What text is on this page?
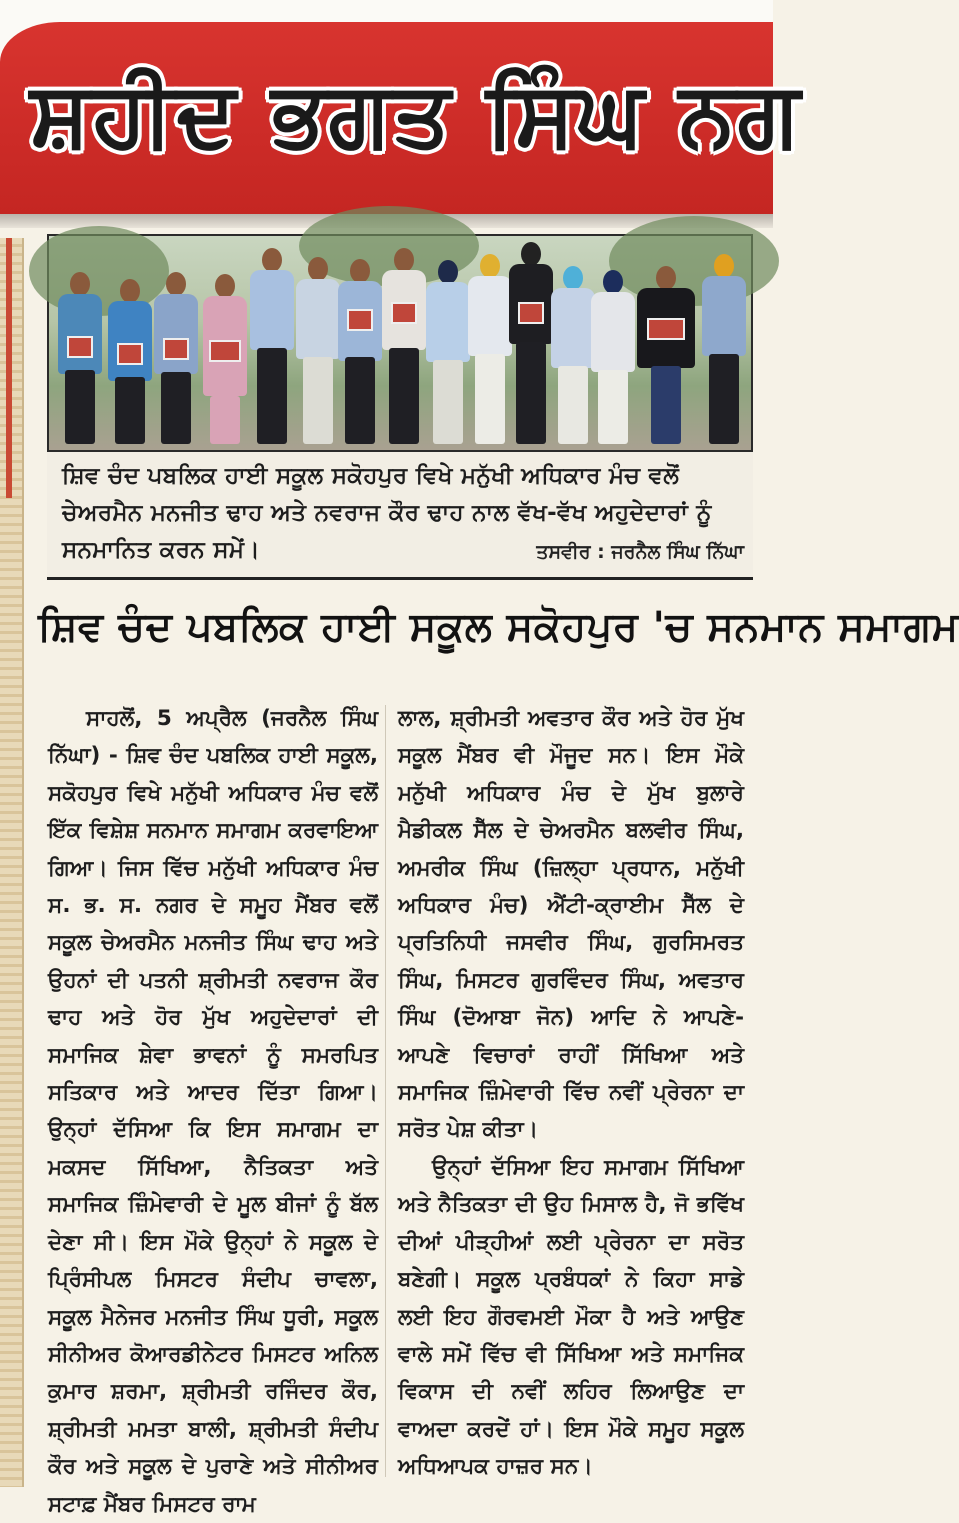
ਸ਼ਹੀਦ ਭਗਤ ਸਿੰਘ ਨਗ
ਸ਼ਿਵ ਚੰਦ ਪਬਲਿਕ ਹਾਈ ਸਕੂਲ ਸਕੋਹਪੁਰ ਵਿਖੇ ਮਨੁੱਖੀ ਅਧਿਕਾਰ ਮੰਚ ਵਲੋਂ ਚੇਅਰਮੈਨ ਮਨਜੀਤ ਢਾਹ ਅਤੇ ਨਵਰਾਜ ਕੌਰ ਢਾਹ ਨਾਲ ਵੱਖ-ਵੱਖ ਅਹੁਦੇਦਾਰਾਂ ਨੂੰ ਸਨਮਾਨਿਤ ਕਰਨ ਸਮੇਂ।	ਤਸਵੀਰ : ਜਰਨੈਲ ਸਿੰਘ ਨਿੱਘਾ
ਸ਼ਿਵ ਚੰਦ ਪਬਲਿਕ ਹਾਈ ਸਕੂਲ ਸਕੋਹਪੁਰ 'ਚ ਸਨਮਾਨ ਸਮਾਗਮ

ਸਾਹਲੋਂ, 5 ਅਪ੍ਰੈਲ (ਜਰਨੈਲ ਸਿੰਘ ਨਿੱਘਾ) - ਸ਼ਿਵ ਚੰਦ ਪਬਲਿਕ ਹਾਈ ਸਕੂਲ, ਸਕੋਹਪੁਰ ਵਿਖੇ ਮਨੁੱਖੀ ਅਧਿਕਾਰ ਮੰਚ ਵਲੋਂ ਇੱਕ ਵਿਸ਼ੇਸ਼ ਸਨਮਾਨ ਸਮਾਗਮ ਕਰਵਾਇਆ ਗਿਆ। ਜਿਸ ਵਿੱਚ ਮਨੁੱਖੀ ਅਧਿਕਾਰ ਮੰਚ ਸ. ਭ. ਸ. ਨਗਰ ਦੇ ਸਮੂਹ ਮੈਂਬਰ ਵਲੋਂ ਸਕੂਲ ਚੇਅਰਮੈਨ ਮਨਜੀਤ ਸਿੰਘ ਢਾਹ ਅਤੇ ਉਹਨਾਂ ਦੀ ਪਤਨੀ ਸ਼੍ਰੀਮਤੀ ਨਵਰਾਜ ਕੌਰ ਢਾਹ ਅਤੇ ਹੋਰ ਮੁੱਖ ਅਹੁਦੇਦਾਰਾਂ ਦੀ ਸਮਾਜਿਕ ਸ਼ੇਵਾ ਭਾਵਨਾਂ ਨੂੰ ਸਮਰਪਿਤ ਸਤਿਕਾਰ ਅਤੇ ਆਦਰ ਦਿੱਤਾ ਗਿਆ। ਉਨ੍ਹਾਂ ਦੱਸਿਆ ਕਿ ਇਸ ਸਮਾਗਮ ਦਾ ਮਕਸਦ ਸਿੱਖਿਆ, ਨੈਤਿਕਤਾ ਅਤੇ ਸਮਾਜਿਕ ਜ਼ਿੰਮੇਵਾਰੀ ਦੇ ਮੂਲ ਬੀਜਾਂ ਨੂੰ ਬੱਲ ਦੇਣਾ ਸੀ। ਇਸ ਮੌਕੇ ਉਨ੍ਹਾਂ ਨੇ ਸਕੂਲ ਦੇ ਪ੍ਰਿੰਸੀਪਲ ਮਿਸਟਰ ਸੰਦੀਪ ਚਾਵਲਾ, ਸਕੂਲ ਮੈਨੇਜਰ ਮਨਜੀਤ ਸਿੰਘ ਧੂਰੀ, ਸਕੂਲ ਸੀਨੀਅਰ ਕੋਆਰਡੀਨੇਟਰ ਮਿਸਟਰ ਅਨਿਲ ਕੁਮਾਰ ਸ਼ਰਮਾ, ਸ਼੍ਰੀਮਤੀ ਰਜਿੰਦਰ ਕੌਰ, ਸ਼੍ਰੀਮਤੀ ਮਮਤਾ ਬਾਲੀ, ਸ਼੍ਰੀਮਤੀ ਸੰਦੀਪ ਕੌਰ ਅਤੇ ਸਕੂਲ ਦੇ ਪੁਰਾਣੇ ਅਤੇ ਸੀਨੀਅਰ ਸਟਾਫ਼ ਮੈਂਬਰ ਮਿਸਟਰ ਰਾਮ

ਲਾਲ, ਸ਼੍ਰੀਮਤੀ ਅਵਤਾਰ ਕੌਰ ਅਤੇ ਹੋਰ ਮੁੱਖ ਸਕੂਲ ਮੈਂਬਰ ਵੀ ਮੌਜੂਦ ਸਨ। ਇਸ ਮੌਕੇ ਮਨੁੱਖੀ ਅਧਿਕਾਰ ਮੰਚ ਦੇ ਮੁੱਖ ਬੁਲਾਰੇ ਮੈਡੀਕਲ ਸੈੱਲ ਦੇ ਚੇਅਰਮੈਨ ਬਲਵੀਰ ਸਿੰਘ, ਅਮਰੀਕ ਸਿੰਘ (ਜ਼ਿਲ੍ਹਾ ਪ੍ਰਧਾਨ, ਮਨੁੱਖੀ ਅਧਿਕਾਰ ਮੰਚ) ਐਂਟੀ-ਕ੍ਰਾਈਮ ਸੈੱਲ ਦੇ ਪ੍ਰਤਿਨਿਧੀ ਜਸਵੀਰ ਸਿੰਘ, ਗੁਰਸਿਮਰਤ ਸਿੰਘ, ਮਿਸਟਰ ਗੁਰਵਿੰਦਰ ਸਿੰਘ, ਅਵਤਾਰ ਸਿੰਘ (ਦੋਆਬਾ ਜੋਨ) ਆਦਿ ਨੇ ਆਪਣੇ-ਆਪਣੇ ਵਿਚਾਰਾਂ ਰਾਹੀਂ ਸਿੱਖਿਆ ਅਤੇ ਸਮਾਜਿਕ ਜ਼ਿੰਮੇਵਾਰੀ ਵਿੱਚ ਨਵੀਂ ਪ੍ਰੇਰਨਾ ਦਾ ਸਰੋਤ ਪੇਸ਼ ਕੀਤਾ।

ਉਨ੍ਹਾਂ ਦੱਸਿਆ ਇਹ ਸਮਾਗਮ ਸਿੱਖਿਆ ਅਤੇ ਨੈਤਿਕਤਾ ਦੀ ਉਹ ਮਿਸਾਲ ਹੈ, ਜੋ ਭਵਿੱਖ ਦੀਆਂ ਪੀੜ੍ਹੀਆਂ ਲਈ ਪ੍ਰੇਰਨਾ ਦਾ ਸਰੋਤ ਬਣੇਗੀ। ਸਕੂਲ ਪ੍ਰਬੰਧਕਾਂ ਨੇ ਕਿਹਾ ਸਾਡੇ ਲਈ ਇਹ ਗੌਰਵਮਈ ਮੌਕਾ ਹੈ ਅਤੇ ਆਉਣ ਵਾਲੇ ਸਮੇਂ ਵਿੱਚ ਵੀ ਸਿੱਖਿਆ ਅਤੇ ਸਮਾਜਿਕ ਵਿਕਾਸ ਦੀ ਨਵੀਂ ਲਹਿਰ ਲਿਆਉਣ ਦਾ ਵਾਅਦਾ ਕਰਦੇਂ ਹਾਂ। ਇਸ ਮੌਕੇ ਸਮੂਹ ਸਕੂਲ ਅਧਿਆਪਕ ਹਾਜ਼ਰ ਸਨ।
